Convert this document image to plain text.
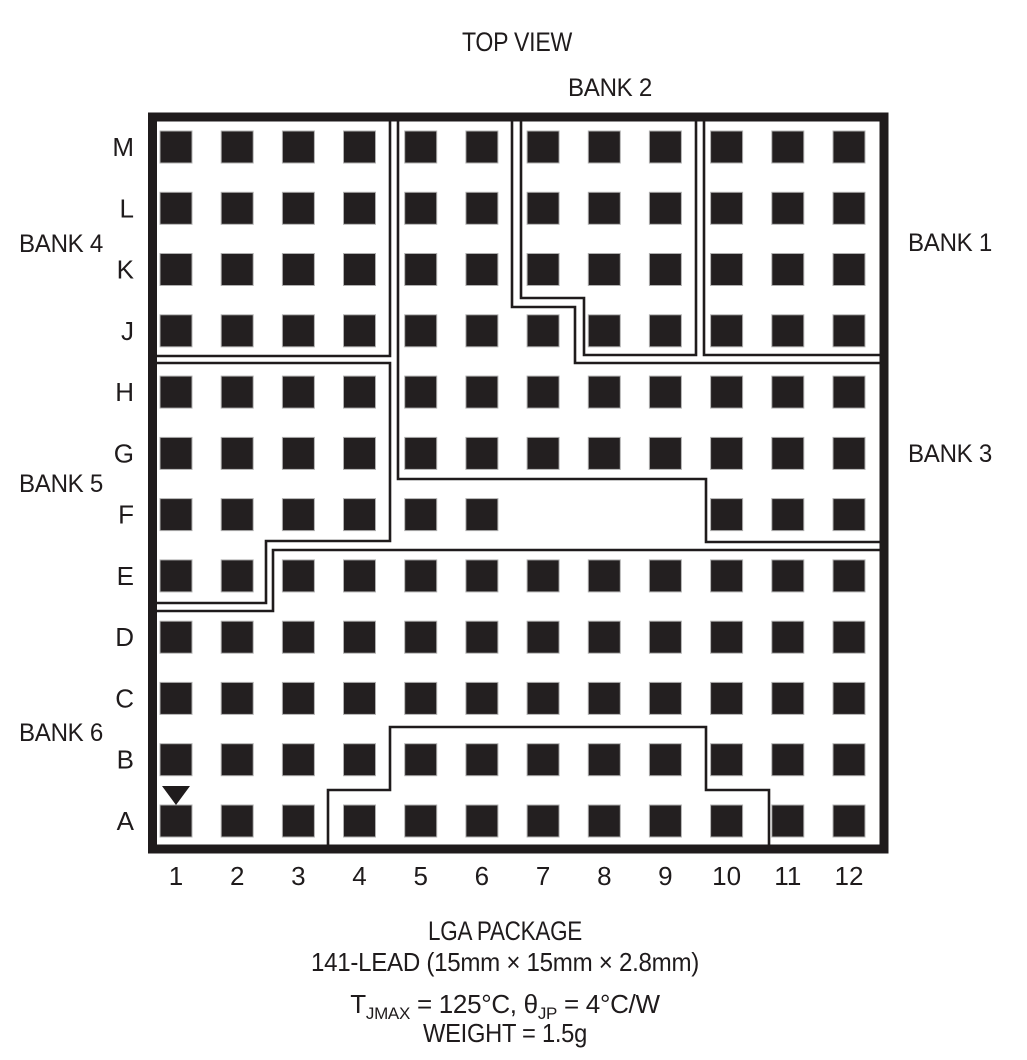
TOP VIEW
BANK 2
BANK 4
BANK 5
BANK 6
BANK 1
BANK 3
M
L
K
J
H
G
F
E
D
C
B
A
1 2 3 4 5 6 7 8 9 10 11 12
LGA PACKAGE
141-LEAD (15mm × 15mm × 2.8mm)
$T_{JMAX} = 125^\circ C$, $\theta_{JP} = 4^\circ C/W$
WEIGHT = 1.5g
